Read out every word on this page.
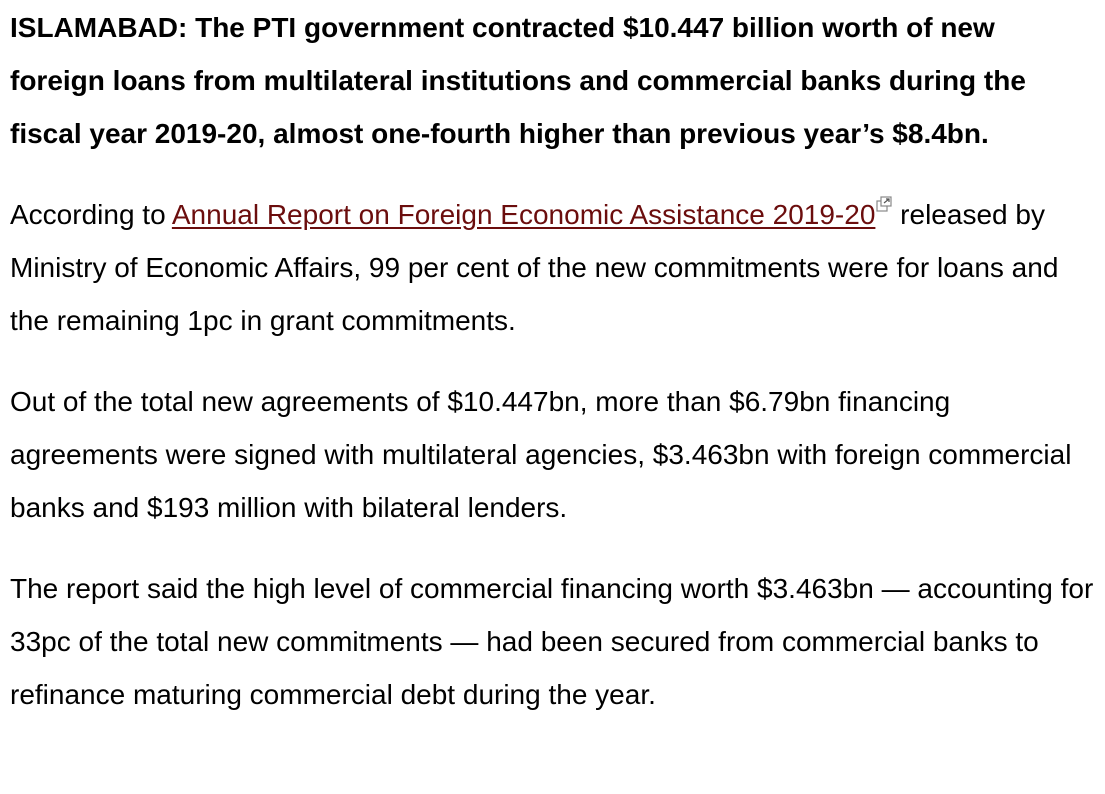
ISLAMABAD: The PTI government contracted $10.447 billion worth of new foreign loans from multilateral institutions and commercial banks during the fiscal year 2019-20, almost one-fourth higher than previous year’s $8.4bn.

According to Annual Report on Foreign Economic Assistance 2019-20
released by Ministry of Economic Affairs, 99 per cent of the new commitments were for loans and the remaining 1pc in grant commitments.

Out of the total new agreements of $10.447bn, more than $6.79bn financing agreements were signed with multilateral agencies, $3.463bn with foreign commercial banks and $193 million with bilateral lenders.

The report said the high level of commercial financing worth $3.463bn — accounting for 33pc of the total new commitments — had been secured from commercial banks to refinance maturing commercial debt during the year.
